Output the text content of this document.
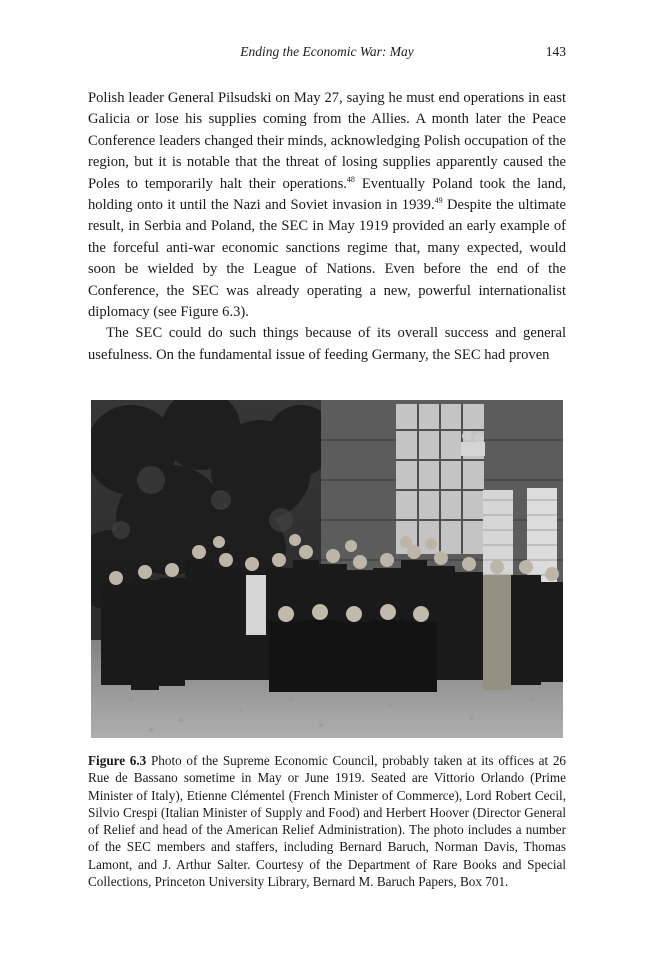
Ending the Economic War: May	143

Polish leader General Pilsudski on May 27, saying he must end operations in east Galicia or lose his supplies coming from the Allies. A month later the Peace Conference leaders changed their minds, acknowledging Polish occupation of the region, but it is notable that the threat of losing supplies apparently caused the Poles to temporarily halt their operations.$^{48}$ Eventually Poland took the land, holding onto it until the Nazi and Soviet invasion in 1939.49 Despite the ultimate result, in Serbia and Poland, the SEC in May 1919 provided an early example of the forceful anti-war economic sanctions regime that, many expected, would soon be wielded by the League of Nations. Even before the end of the Conference, the SEC was already operating a new, powerful internationalist diplomacy (see Figure 6.3).

The SEC could do such things because of its overall success and general usefulness. On the fundamental issue of feeding Germany, the SEC had proven

Figure 6.3 Photo of the Supreme Economic Council, probably taken at its offices at 26 Rue de Bassano sometime in May or June 1919. Seated are Vittorio Orlando (Prime Minister of Italy), Etienne Clémentel (French Minister of Commerce), Lord Robert Cecil, Silvio Crespi (Italian Minister of Supply and Food) and Herbert Hoover (Director General of Relief and head of the American Relief Administration). The photo includes a number of the SEC members and staffers, including Bernard Baruch, Norman Davis, Thomas Lamont, and J. Arthur Salter. Courtesy of the Department of Rare Books and Special Collections, Princeton University Library, Bernard M. Baruch Papers, Box 701.
